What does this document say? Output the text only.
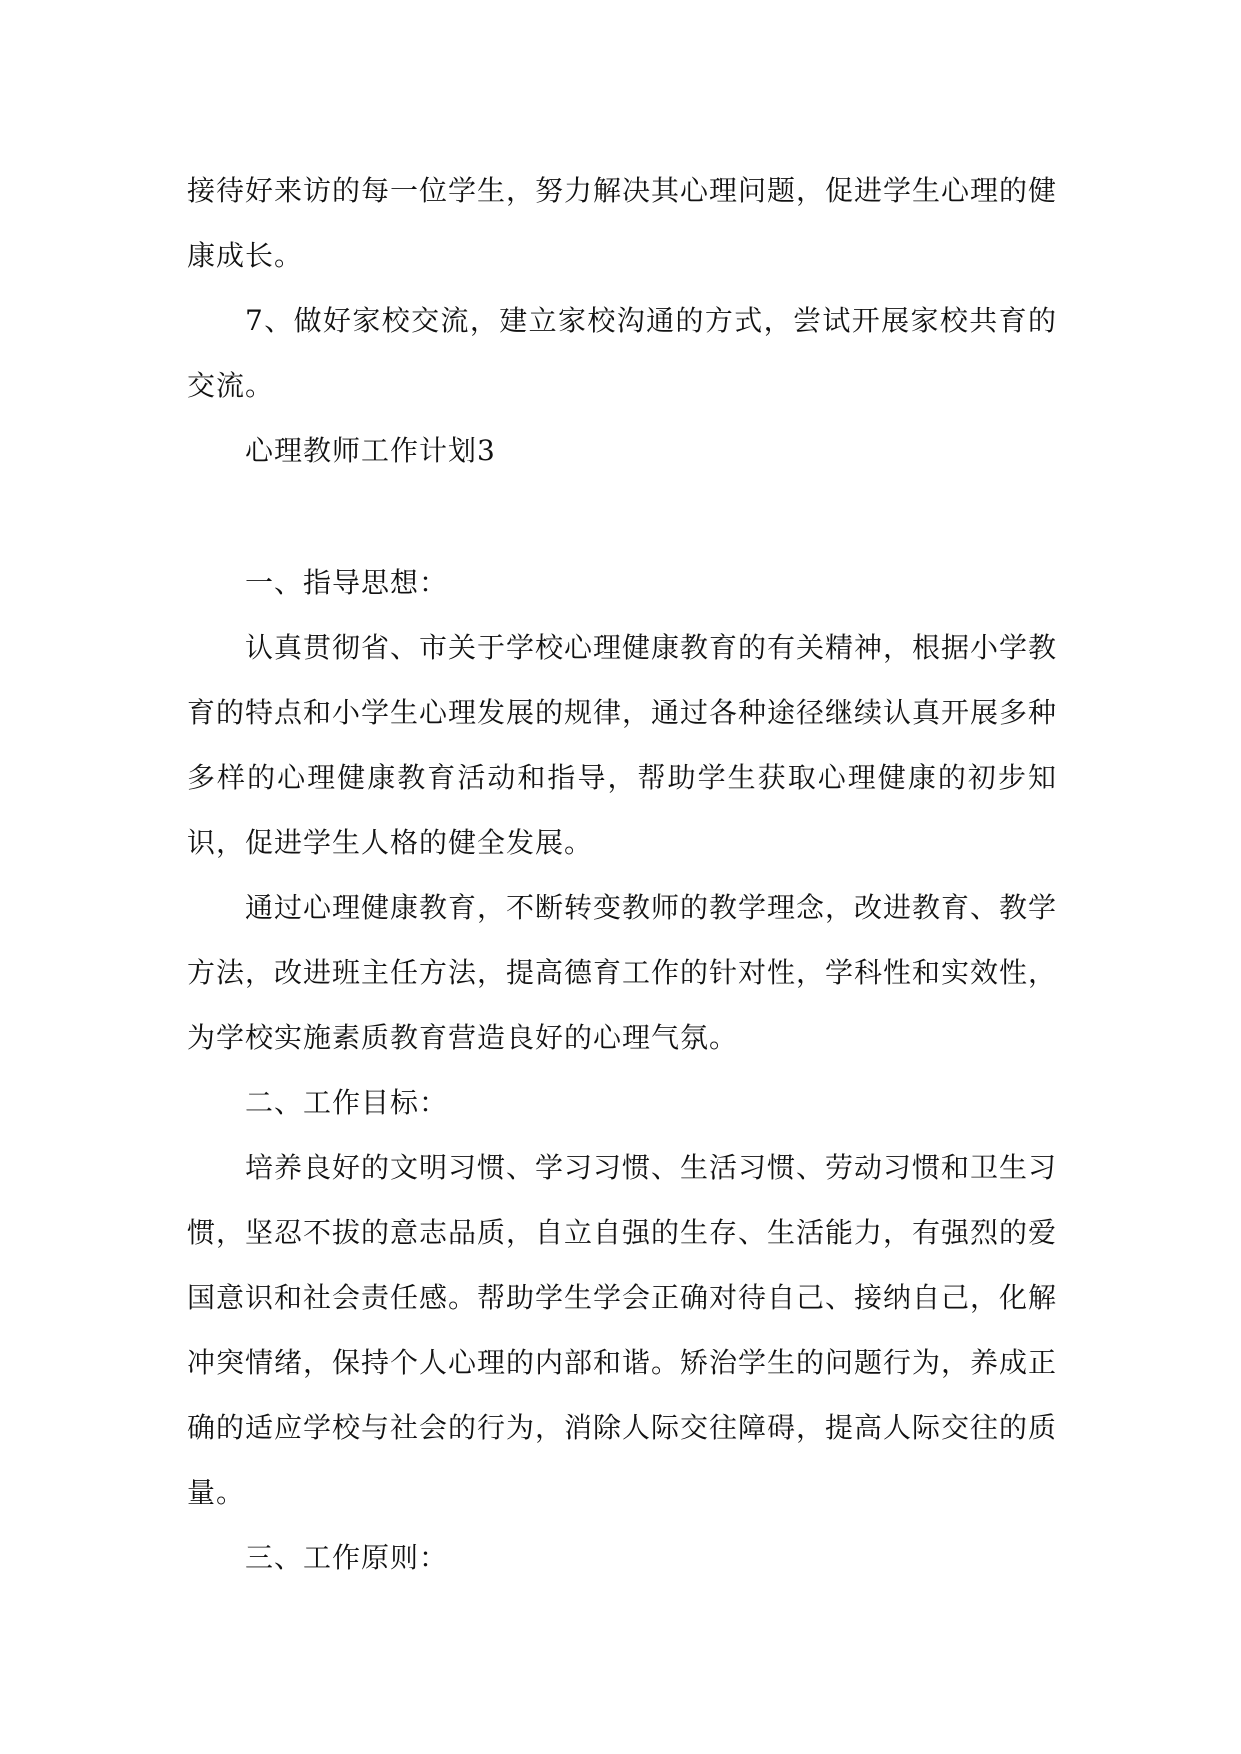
接待好来访的每一位学生，努力解决其心理问题，促进学生心理的健康成长。

7、做好家校交流，建立家校沟通的方式，尝试开展家校共育的交流。

心理教师工作计划3

一、指导思想：

认真贯彻省、市关于学校心理健康教育的有关精神，根据小学教育的特点和小学生心理发展的规律，通过各种途径继续认真开展多种多样的心理健康教育活动和指导，帮助学生获取心理健康的初步知识，促进学生人格的健全发展。

通过心理健康教育，不断转变教师的教学理念，改进教育、教学方法，改进班主任方法，提高德育工作的针对性，学科性和实效性，为学校实施素质教育营造良好的心理气氛。

二、工作目标：

培养良好的文明习惯、学习习惯、生活习惯、劳动习惯和卫生习惯，坚忍不拔的意志品质，自立自强的生存、生活能力，有强烈的爱国意识和社会责任感。帮助学生学会正确对待自己、接纳自己，化解冲突情绪，保持个人心理的内部和谐。矫治学生的问题行为，养成正确的适应学校与社会的行为，消除人际交往障碍，提高人际交往的质量。

三、工作原则：
